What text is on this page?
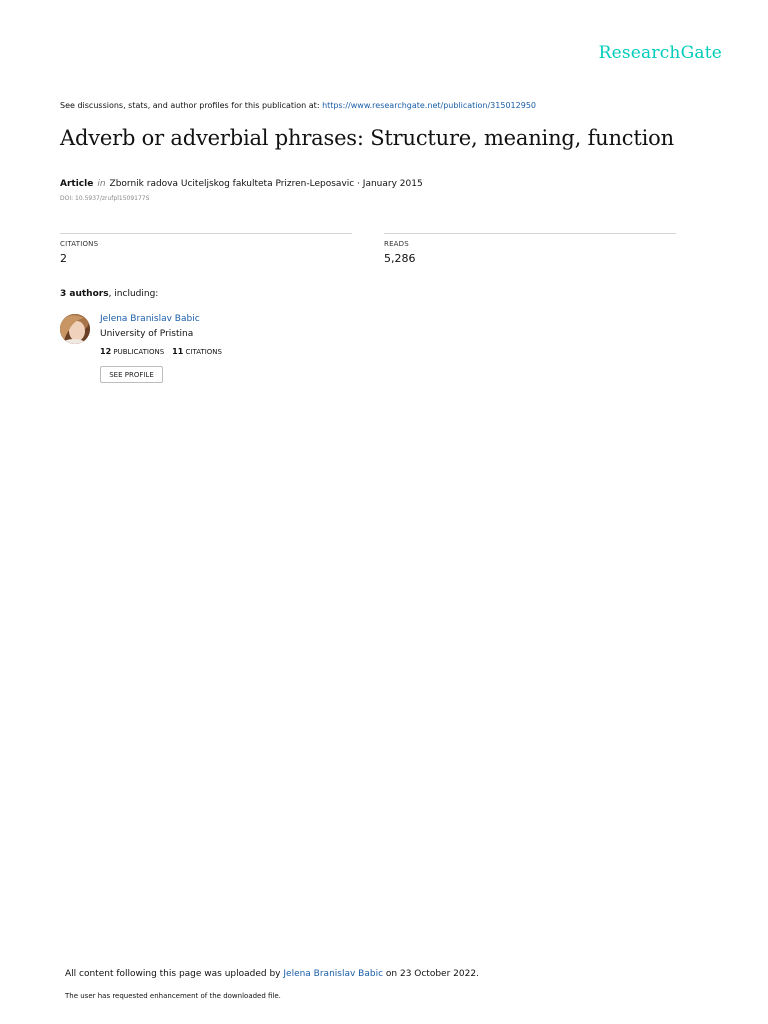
ResearchGate
See discussions, stats, and author profiles for this publication at: https://www.researchgate.net/publication/315012950
Adverb or adverbial phrases: Structure, meaning, function
Article in Zbornik radova Uciteljskog fakulteta Prizren-Leposavic · January 2015
DOI: 10.5937/zrufpl1509177S
CITATIONS
2
READS
5,286
3 authors, including:
Jelena Branislav Babic
University of Pristina
12 PUBLICATIONS 11 CITATIONS
SEE PROFILE
All content following this page was uploaded by Jelena Branislav Babic on 23 October 2022.
The user has requested enhancement of the downloaded file.
